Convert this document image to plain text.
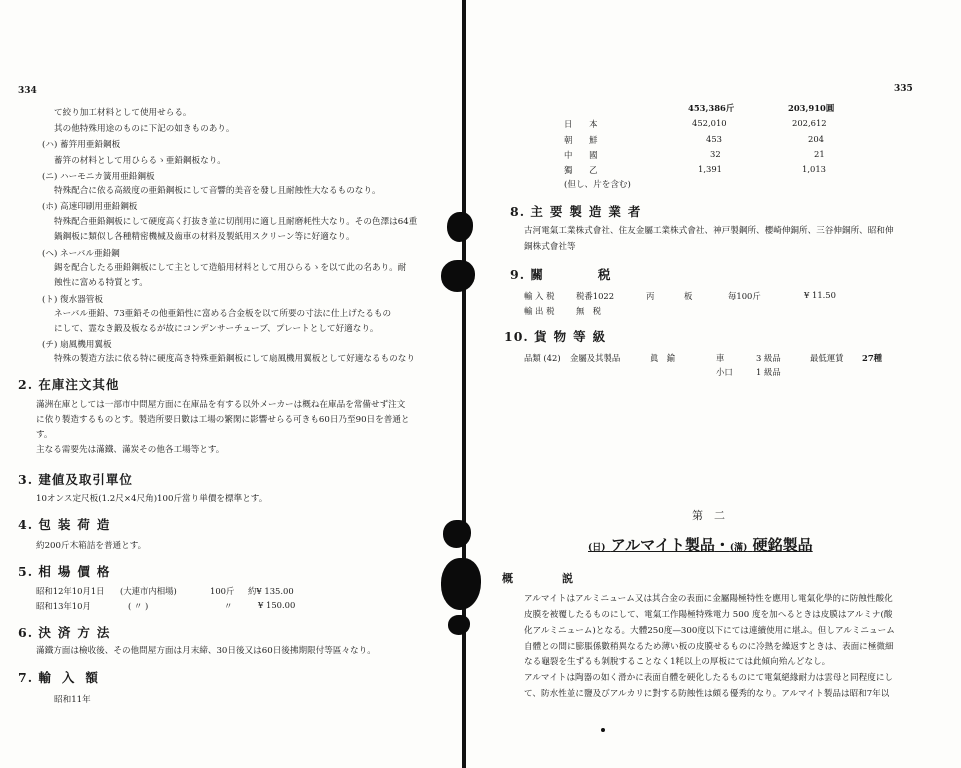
334
て絞り加工材料として使用せらる。
其の他特殊用途のものに下記の如きものあり。
(ハ) 蓄笄用亜鉛鋼板
蓄笄の材料として用ひらるゝ亜鉛鋼板なり。
(ニ) ハーモニカ簧用亜鉛鋼板
特殊配合に依る高級度の亜鉛鋼板にして音響的美音を發し且耐蝕性大なるものなり。
(ホ) 高速印刷用亜鉛鋼板
特殊配合亜鉛鋼板にして硬度高く打抜き並に切削用に適し且耐磨耗性大なり。その色澤は64重
鍋鋼板に類似し各種精密機械及齒車の材料及製紙用スクリーン等に好適なり。
(ヘ) ネーバル亜鉛鋼
錫を配合したる亜鉛鋼板にして主として造船用材料として用ひらるゝを以て此の名あり。耐
蝕性に富める特質とす。
(ト) 復水器管板
ネーバル亜鉛、73亜鉛その他亜鉛性に富める合金板を以て所要の寸法に仕上げたるもの
にして、霊なき鍛及板なるが故にコンデンサーチューブ、プレートとして好適なり。
(チ) 扇風機用翼板
特殊の製造方法に依る特に硬度高き特殊亜鉛鋼板にして扇風機用翼板として好適なるものなり
2. 在庫注文其他
滿洲在庫としては一部市中問屋方面に在庫品を有する以外メーカーは概ね在庫品を常備せず注文
に依り製造するものとす。製造所要日數は工場の繁閑に影響せらる可きも60日乃至90日を普通と
す。
主なる需要先は滿鐵、滿炭その他各工場等とす。
3. 建値及取引單位
10オンス定尺板(1.2尺×4尺角)100斤當り単價を標準とす。
4. 包装荷造
約200斤木箱詰を普通とす。
5. 相場價格
昭和12年10月1日 (大連市内相場)	100斤 約¥ 135.00
昭和13年10月	( 〃 )	〃	¥ 150.00
6. 決済方法
滿鐵方面は檢收後、その他問屋方面は月末締、30日後又は60日後拂期限付等區々なり。
7. 輸入額
昭和11年
335
453,386斤	203,910圓
日　　本	452,010	202,612
朝　　鮮	453	204
中　　國	32	21
獨　　乙	1,391	1,013
(但し、片を含む)
8. 主要製造業者
古河電氣工業株式會社、住友金屬工業株式會社、神戸製鋼所、櫻崎伸銅所、三谷伸銅所、昭和伸
銅株式會社等
9. 關　　　　税
輸 入 税	税番1022	丙	板	毎100斤	¥ 11.50
輸 出 税	無　税
10. 貨物等級
品類 (42) 金屬及其製品	眞　鍮	車	3 級品	最低運賃 27種
小口	1 級品
第　二
(日) アルマイト製品・(滿) 硬銘製品
概　　　　説
アルマイトはアルミニューム又は其合金の表面に金屬陽極特性を應用し電氣化學的に防蝕性酸化
皮膜を被覆したるものにして、電氣工作陽極特殊電力 500 度を加へるときは皮膜はアルミナ(酸
化アルミニューム)となる。大體250度—300度以下にては連續使用に堪ふ。但しアルミニューム
自體との間に膨脹係數稍異なるため薄い板の皮膜せるものに冷熱を繰返すときは、表面に極微細
なる龜裂を生ずるも剝脫することなく1粍以上の厚板にては此傾向殆んどなし。
アルマイトは陶器の如く滑かに表面自體を硬化したるものにて電氣絕緣耐力は雲母と同程度にし
て、防水性並に鹽及びアルカリに對する防蝕性は頗る優秀的なり。アルマイト製品は昭和7年以
